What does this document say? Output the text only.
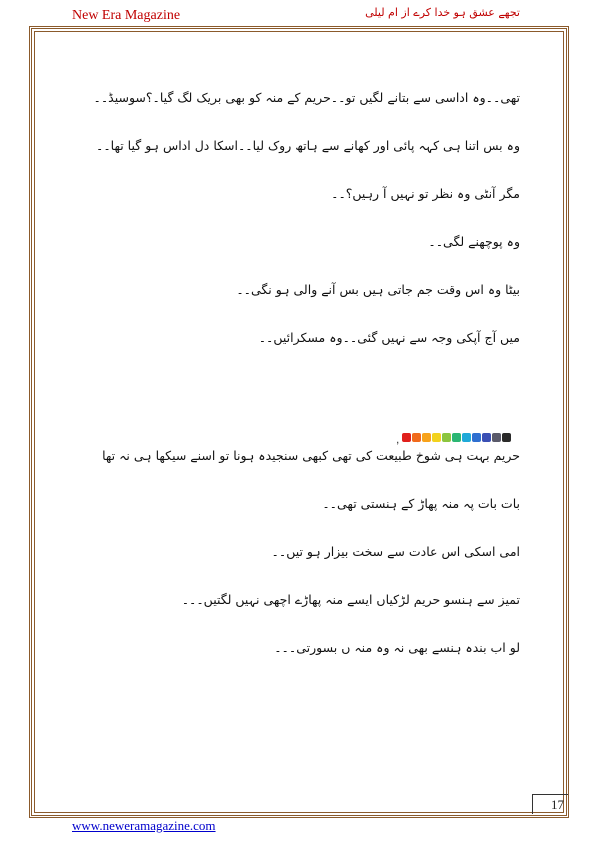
New Era Magazine	تجھے عشق ہو خدا کرے از ام لیلی
تھی۔۔وہ اداسی سے بتانے لگیں تو۔۔حریم کے منہ کو بھی بریک لگ گیا۔؟سوسیڈ۔۔
وہ بس اتنا ہی کہہ پائی اور کھانے سے ہاتھ روک لیا۔۔اسکا دل اداس ہو گیا تھا۔۔
مگر آنٹی وہ نظر تو نہیں آ رہیں؟۔۔
وہ پوچھنے لگی۔۔
بیٹا وہ اس وقت جم جاتی ہیں بس آنے والی ہو نگی۔۔
میں آج آپکی وجہ سے نہیں گئی۔۔وہ مسکرائیں۔۔
حریم بہت ہی شوخ طبیعت کی تھی کبھی سنجیدہ ہونا تو اسنے سیکھا ہی نہ تھا
بات بات پہ منہ پھاڑ کے ہنستی تھی۔۔
امی اسکی اس عادت سے سخت بیزار ہو تیں۔۔
تمیز سے ہنسو حریم لڑکیاں ایسے منہ پھاڑے اچھی نہیں لگتیں۔۔۔
لو اب بندہ ہنسے بھی نہ وہ منہ ں بسورتی۔۔۔
,
17
www.neweramagazine.com
